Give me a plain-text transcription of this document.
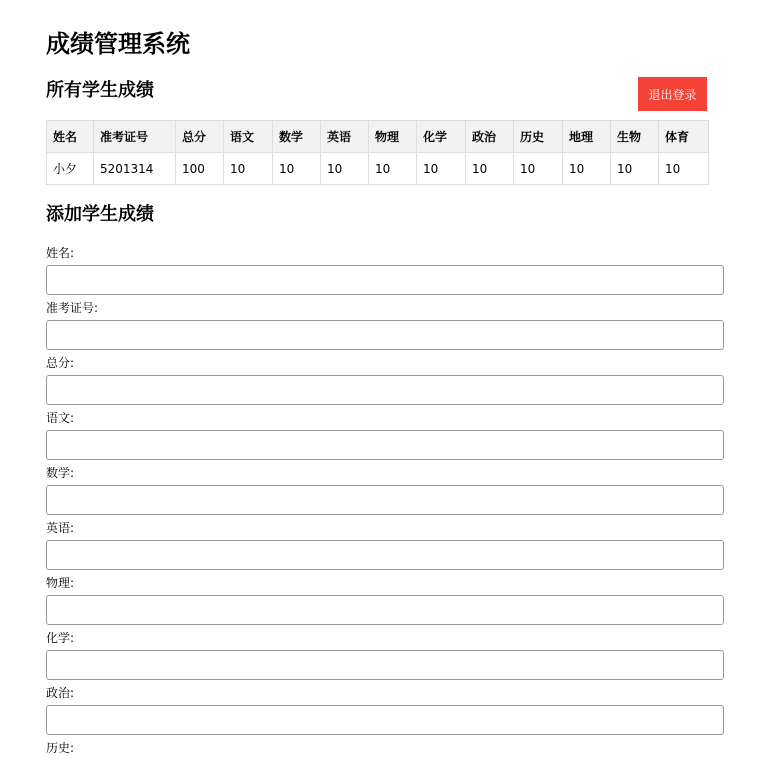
成绩管理系统
所有学生成绩	退出登录
姓名	准考证号	总分	语文	数学	英语	物理	化学	政治	历史	地理	生物	体育
小夕	5201314	100	10	10	10	10	10	10	10	10	10	10
添加学生成绩
姓名:
准考证号:
总分:
语文:
数学:
英语:
物理:
化学:
政治:
历史:
